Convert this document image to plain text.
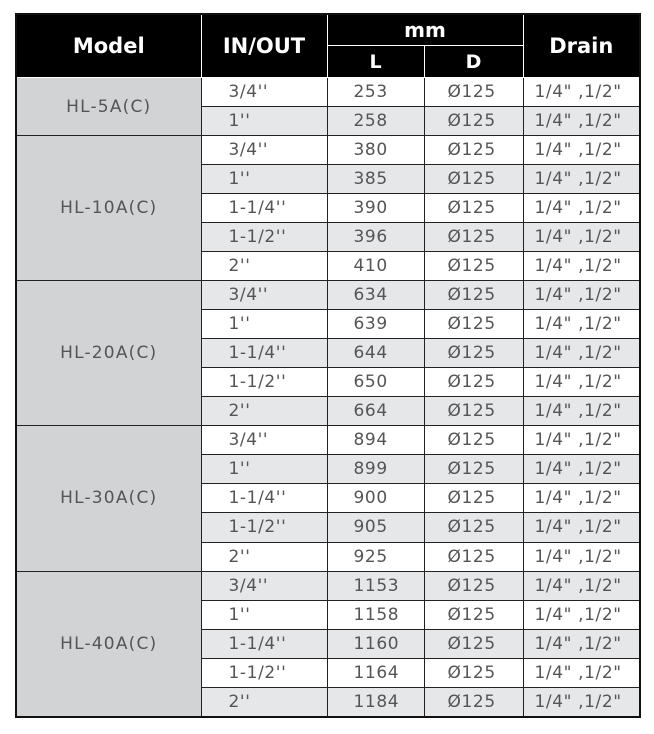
Model	IN/OUT	mm		Drain
		L	D	
HL-5A(C)	3/4''	253	Ø125	1/4" ,1/2"
	1''	258	Ø125	1/4" ,1/2"
HL-10A(C)	3/4''	380	Ø125	1/4" ,1/2"
	1''	385	Ø125	1/4" ,1/2"
	1-1/4''	390	Ø125	1/4" ,1/2"
	1-1/2''	396	Ø125	1/4" ,1/2"
	2''	410	Ø125	1/4" ,1/2"
HL-20A(C)	3/4''	634	Ø125	1/4" ,1/2"
	1''	639	Ø125	1/4" ,1/2"
	1-1/4''	644	Ø125	1/4" ,1/2"
	1-1/2''	650	Ø125	1/4" ,1/2"
	2''	664	Ø125	1/4" ,1/2"
HL-30A(C)	3/4''	894	Ø125	1/4" ,1/2"
	1''	899	Ø125	1/4" ,1/2"
	1-1/4''	900	Ø125	1/4" ,1/2"
	1-1/2''	905	Ø125	1/4" ,1/2"
	2''	925	Ø125	1/4" ,1/2"
HL-40A(C)	3/4''	1153	Ø125	1/4" ,1/2"
	1''	1158	Ø125	1/4" ,1/2"
	1-1/4''	1160	Ø125	1/4" ,1/2"
	1-1/2''	1164	Ø125	1/4" ,1/2"
	2''	1184	Ø125	1/4" ,1/2"
